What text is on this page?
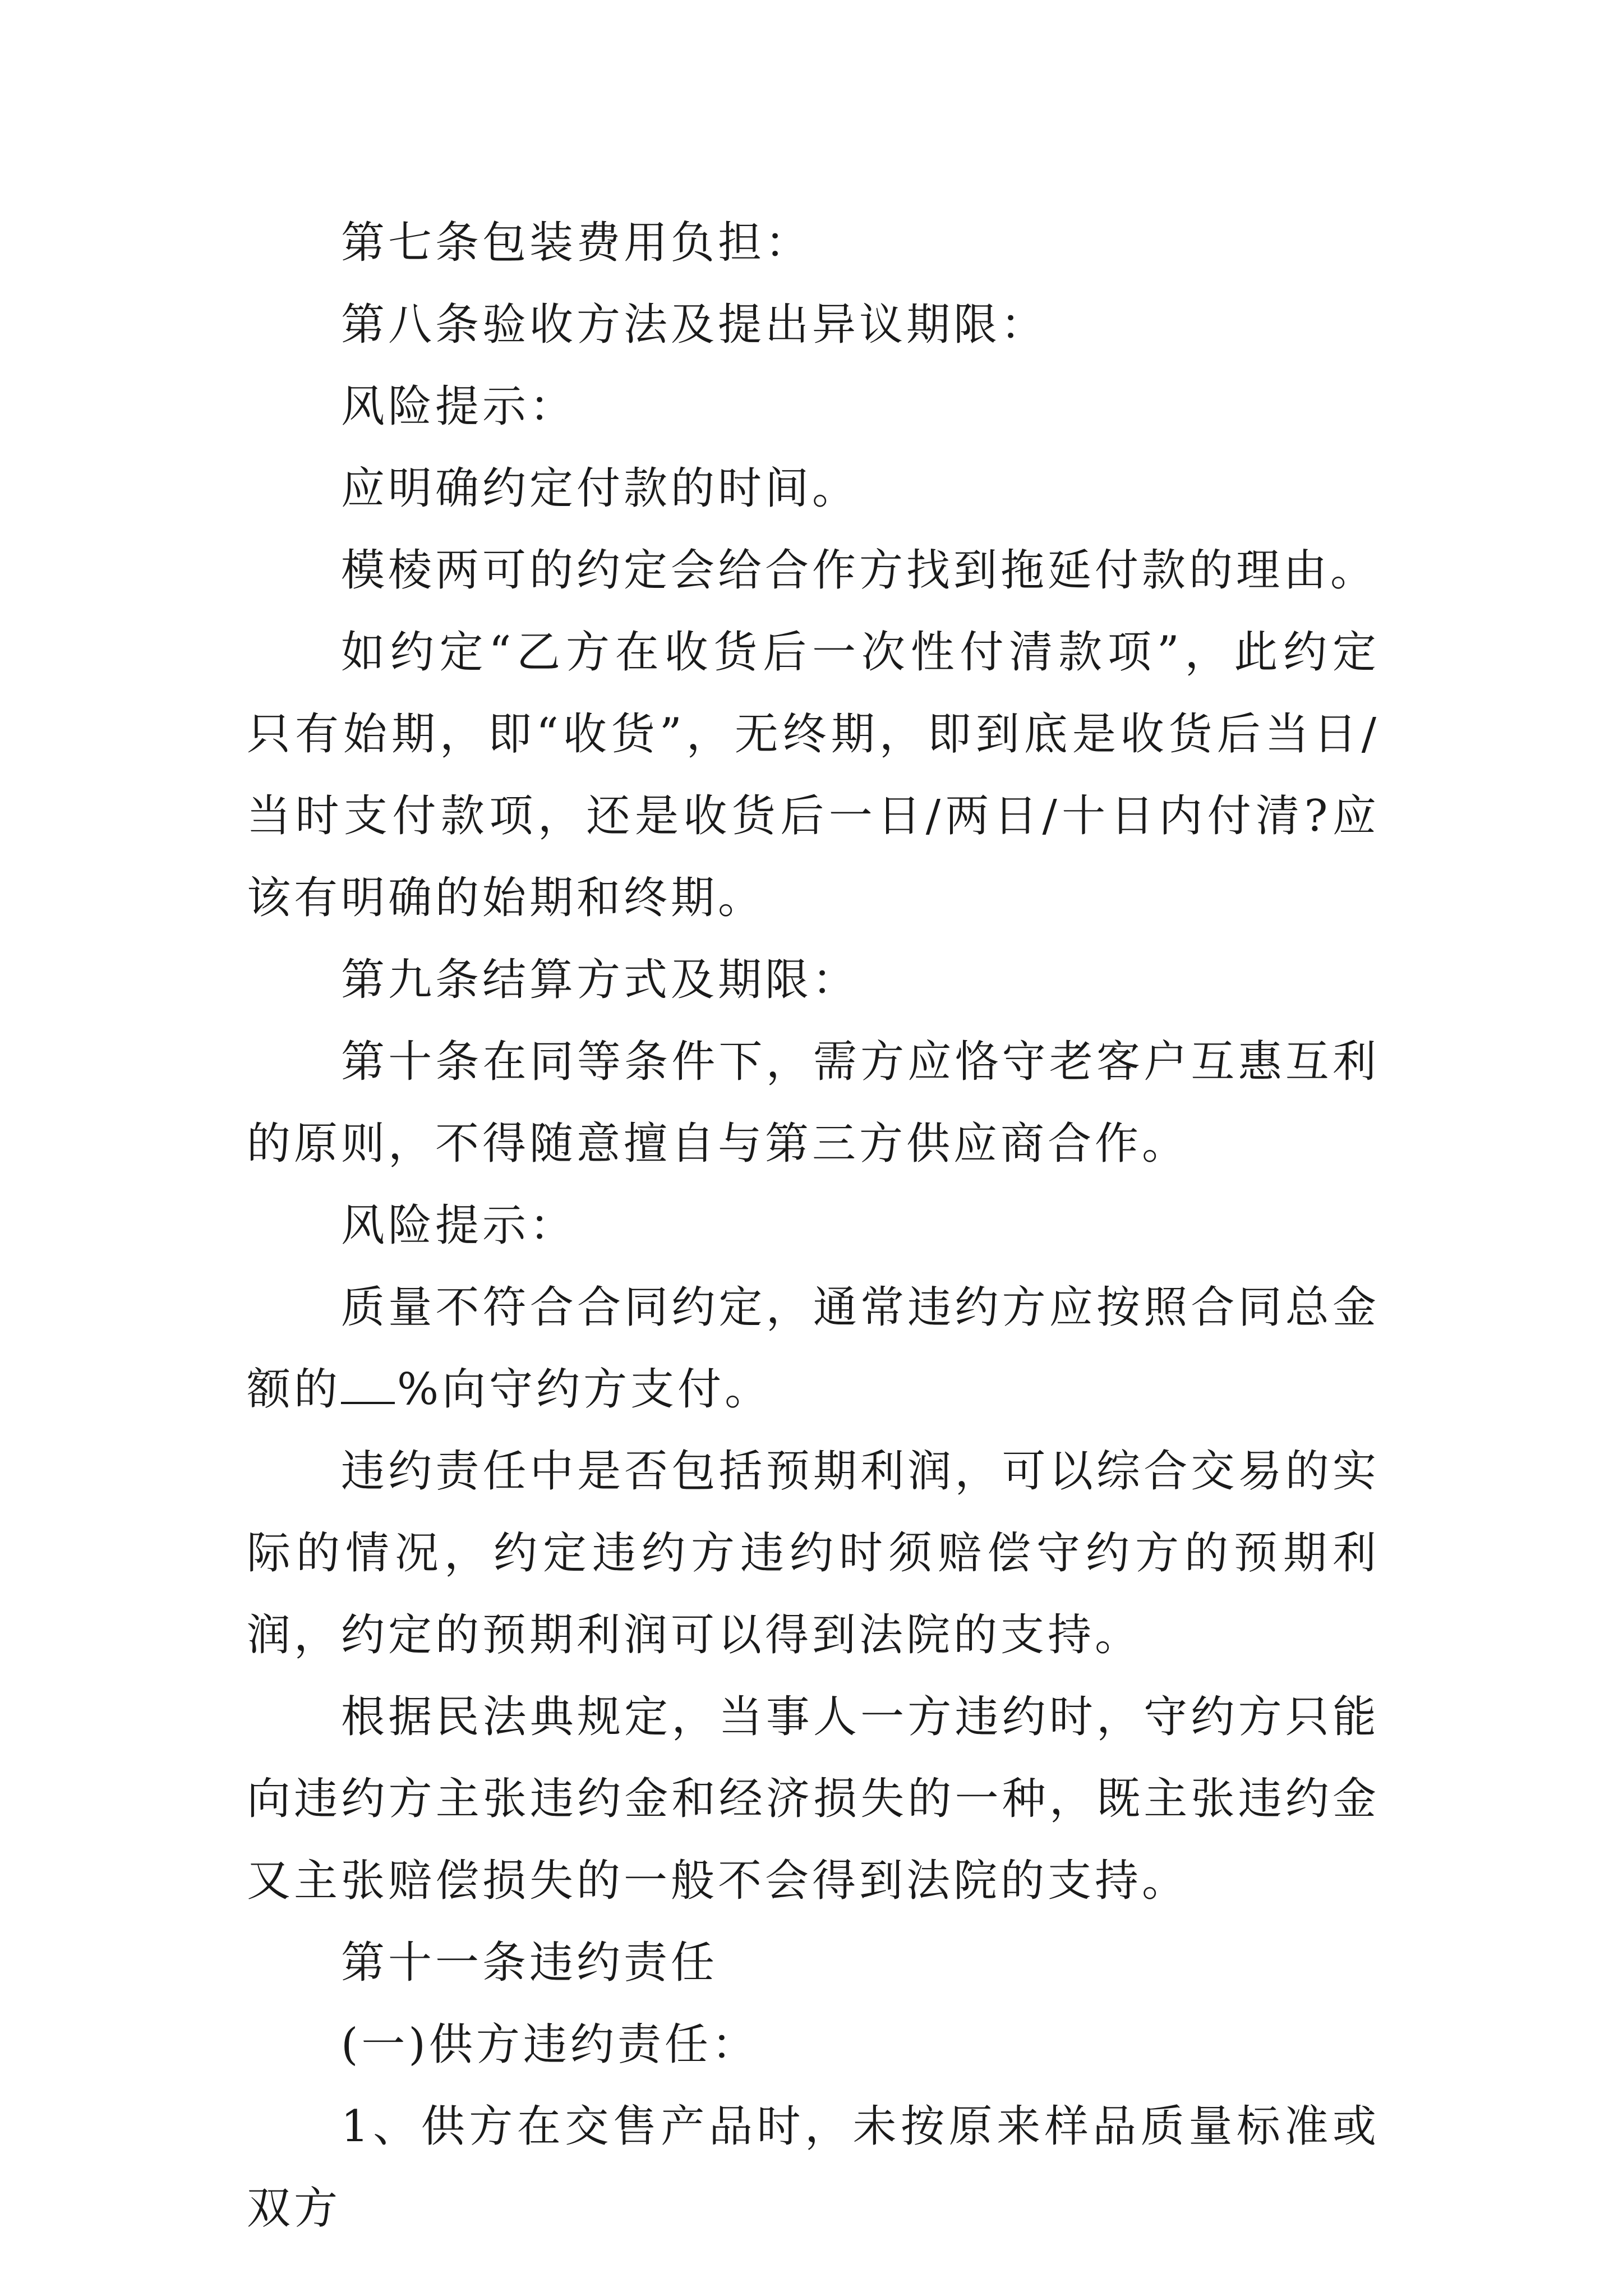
第七条包装费用负担：

第八条验收方法及提出异议期限：

风险提示：

应明确约定付款的时间。

模棱两可的约定会给合作方找到拖延付款的理由。

如约定“乙方在收货后一次性付清款项”，此约定只有始期，即“收货”，无终期，即到底是收货后当日/当时支付款项，还是收货后一日/两日/十日内付清?应该有明确的始期和终期。

第九条结算方式及期限：

第十条在同等条件下，需方应恪守老客户互惠互利的原则，不得随意擅自与第三方供应商合作。

风险提示：

质量不符合合同约定，通常违约方应按照合同总金额的 %向守约方支付。

违约责任中是否包括预期利润，可以综合交易的实际的情况，约定违约方违约时须赔偿守约方的预期利润，约定的预期利润可以得到法院的支持。

根据民法典规定，当事人一方违约时，守约方只能向违约方主张违约金和经济损失的一种，既主张违约金又主张赔偿损失的一般不会得到法院的支持。

第十一条违约责任

(一)供方违约责任：

1、供方在交售产品时，未按原来样品质量标准或双方
